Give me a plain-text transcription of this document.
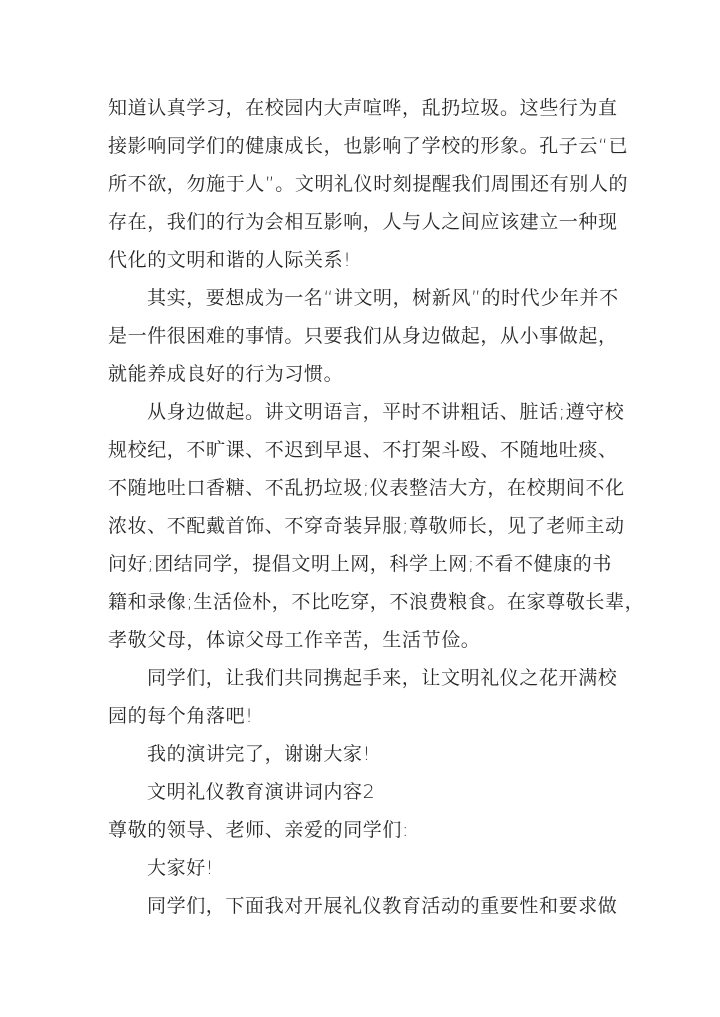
知道认真学习，在校园内大声喧哗，乱扔垃圾。这些行为直
接影响同学们的健康成长，也影响了学校的形象。孔子云“已
所不欲，勿施于人”。文明礼仪时刻提醒我们周围还有别人的
存在，我们的行为会相互影响，人与人之间应该建立一种现
代化的文明和谐的人际关系!
其实，要想成为一名“讲文明，树新风”的时代少年并不
是一件很困难的事情。只要我们从身边做起，从小事做起，
就能养成良好的行为习惯。
从身边做起。讲文明语言，平时不讲粗话、脏话;遵守校
规校纪，不旷课、不迟到早退、不打架斗殴、不随地吐痰、
不随地吐口香糖、不乱扔垃圾;仪表整洁大方，在校期间不化
浓妆、不配戴首饰、不穿奇装异服;尊敬师长，见了老师主动
问好;团结同学，提倡文明上网，科学上网;不看不健康的书
籍和录像;生活俭朴，不比吃穿，不浪费粮食。在家尊敬长辈，
孝敬父母，体谅父母工作辛苦，生活节俭。
同学们，让我们共同携起手来，让文明礼仪之花开满校
园的每个角落吧!
我的演讲完了，谢谢大家!
文明礼仪教育演讲词内容2
尊敬的领导、老师、亲爱的同学们:
大家好!
同学们，下面我对开展礼仪教育活动的重要性和要求做
